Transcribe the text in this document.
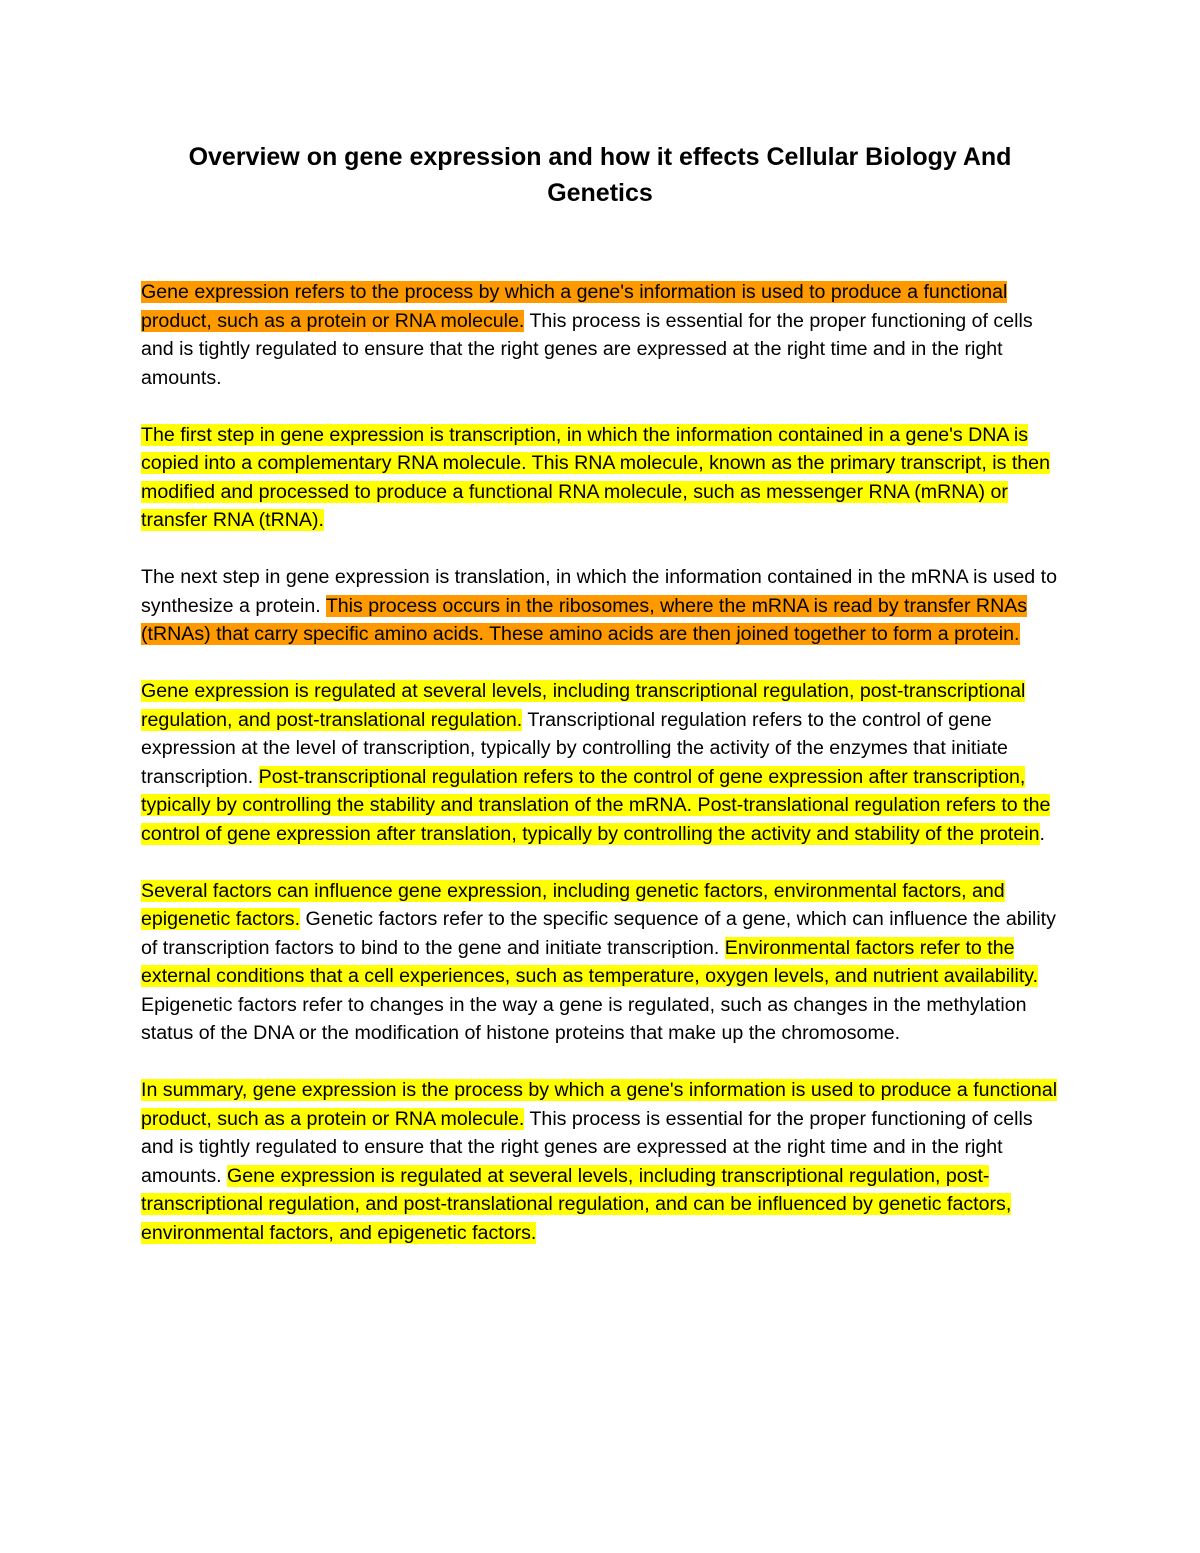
Overview on gene expression and how it effects Cellular Biology And Genetics

Gene expression refers to the process by which a gene's information is used to produce a functional product, such as a protein or RNA molecule. This process is essential for the proper functioning of cells and is tightly regulated to ensure that the right genes are expressed at the right time and in the right amounts.

The first step in gene expression is transcription, in which the information contained in a gene's DNA is copied into a complementary RNA molecule. This RNA molecule, known as the primary transcript, is then modified and processed to produce a functional RNA molecule, such as messenger RNA (mRNA) or transfer RNA (tRNA).

The next step in gene expression is translation, in which the information contained in the mRNA is used to synthesize a protein. This process occurs in the ribosomes, where the mRNA is read by transfer RNAs (tRNAs) that carry specific amino acids. These amino acids are then joined together to form a protein.

Gene expression is regulated at several levels, including transcriptional regulation, post-transcriptional regulation, and post-translational regulation. Transcriptional regulation refers to the control of gene expression at the level of transcription, typically by controlling the activity of the enzymes that initiate transcription. Post-transcriptional regulation refers to the control of gene expression after transcription, typically by controlling the stability and translation of the mRNA. Post-translational regulation refers to the control of gene expression after translation, typically by controlling the activity and stability of the protein.

Several factors can influence gene expression, including genetic factors, environmental factors, and epigenetic factors. Genetic factors refer to the specific sequence of a gene, which can influence the ability of transcription factors to bind to the gene and initiate transcription. Environmental factors refer to the external conditions that a cell experiences, such as temperature, oxygen levels, and nutrient availability. Epigenetic factors refer to changes in the way a gene is regulated, such as changes in the methylation status of the DNA or the modification of histone proteins that make up the chromosome.

In summary, gene expression is the process by which a gene's information is used to produce a functional product, such as a protein or RNA molecule. This process is essential for the proper functioning of cells and is tightly regulated to ensure that the right genes are expressed at the right time and in the right amounts. Gene expression is regulated at several levels, including transcriptional regulation, post-transcriptional regulation, and post-translational regulation, and can be influenced by genetic factors, environmental factors, and epigenetic factors.
